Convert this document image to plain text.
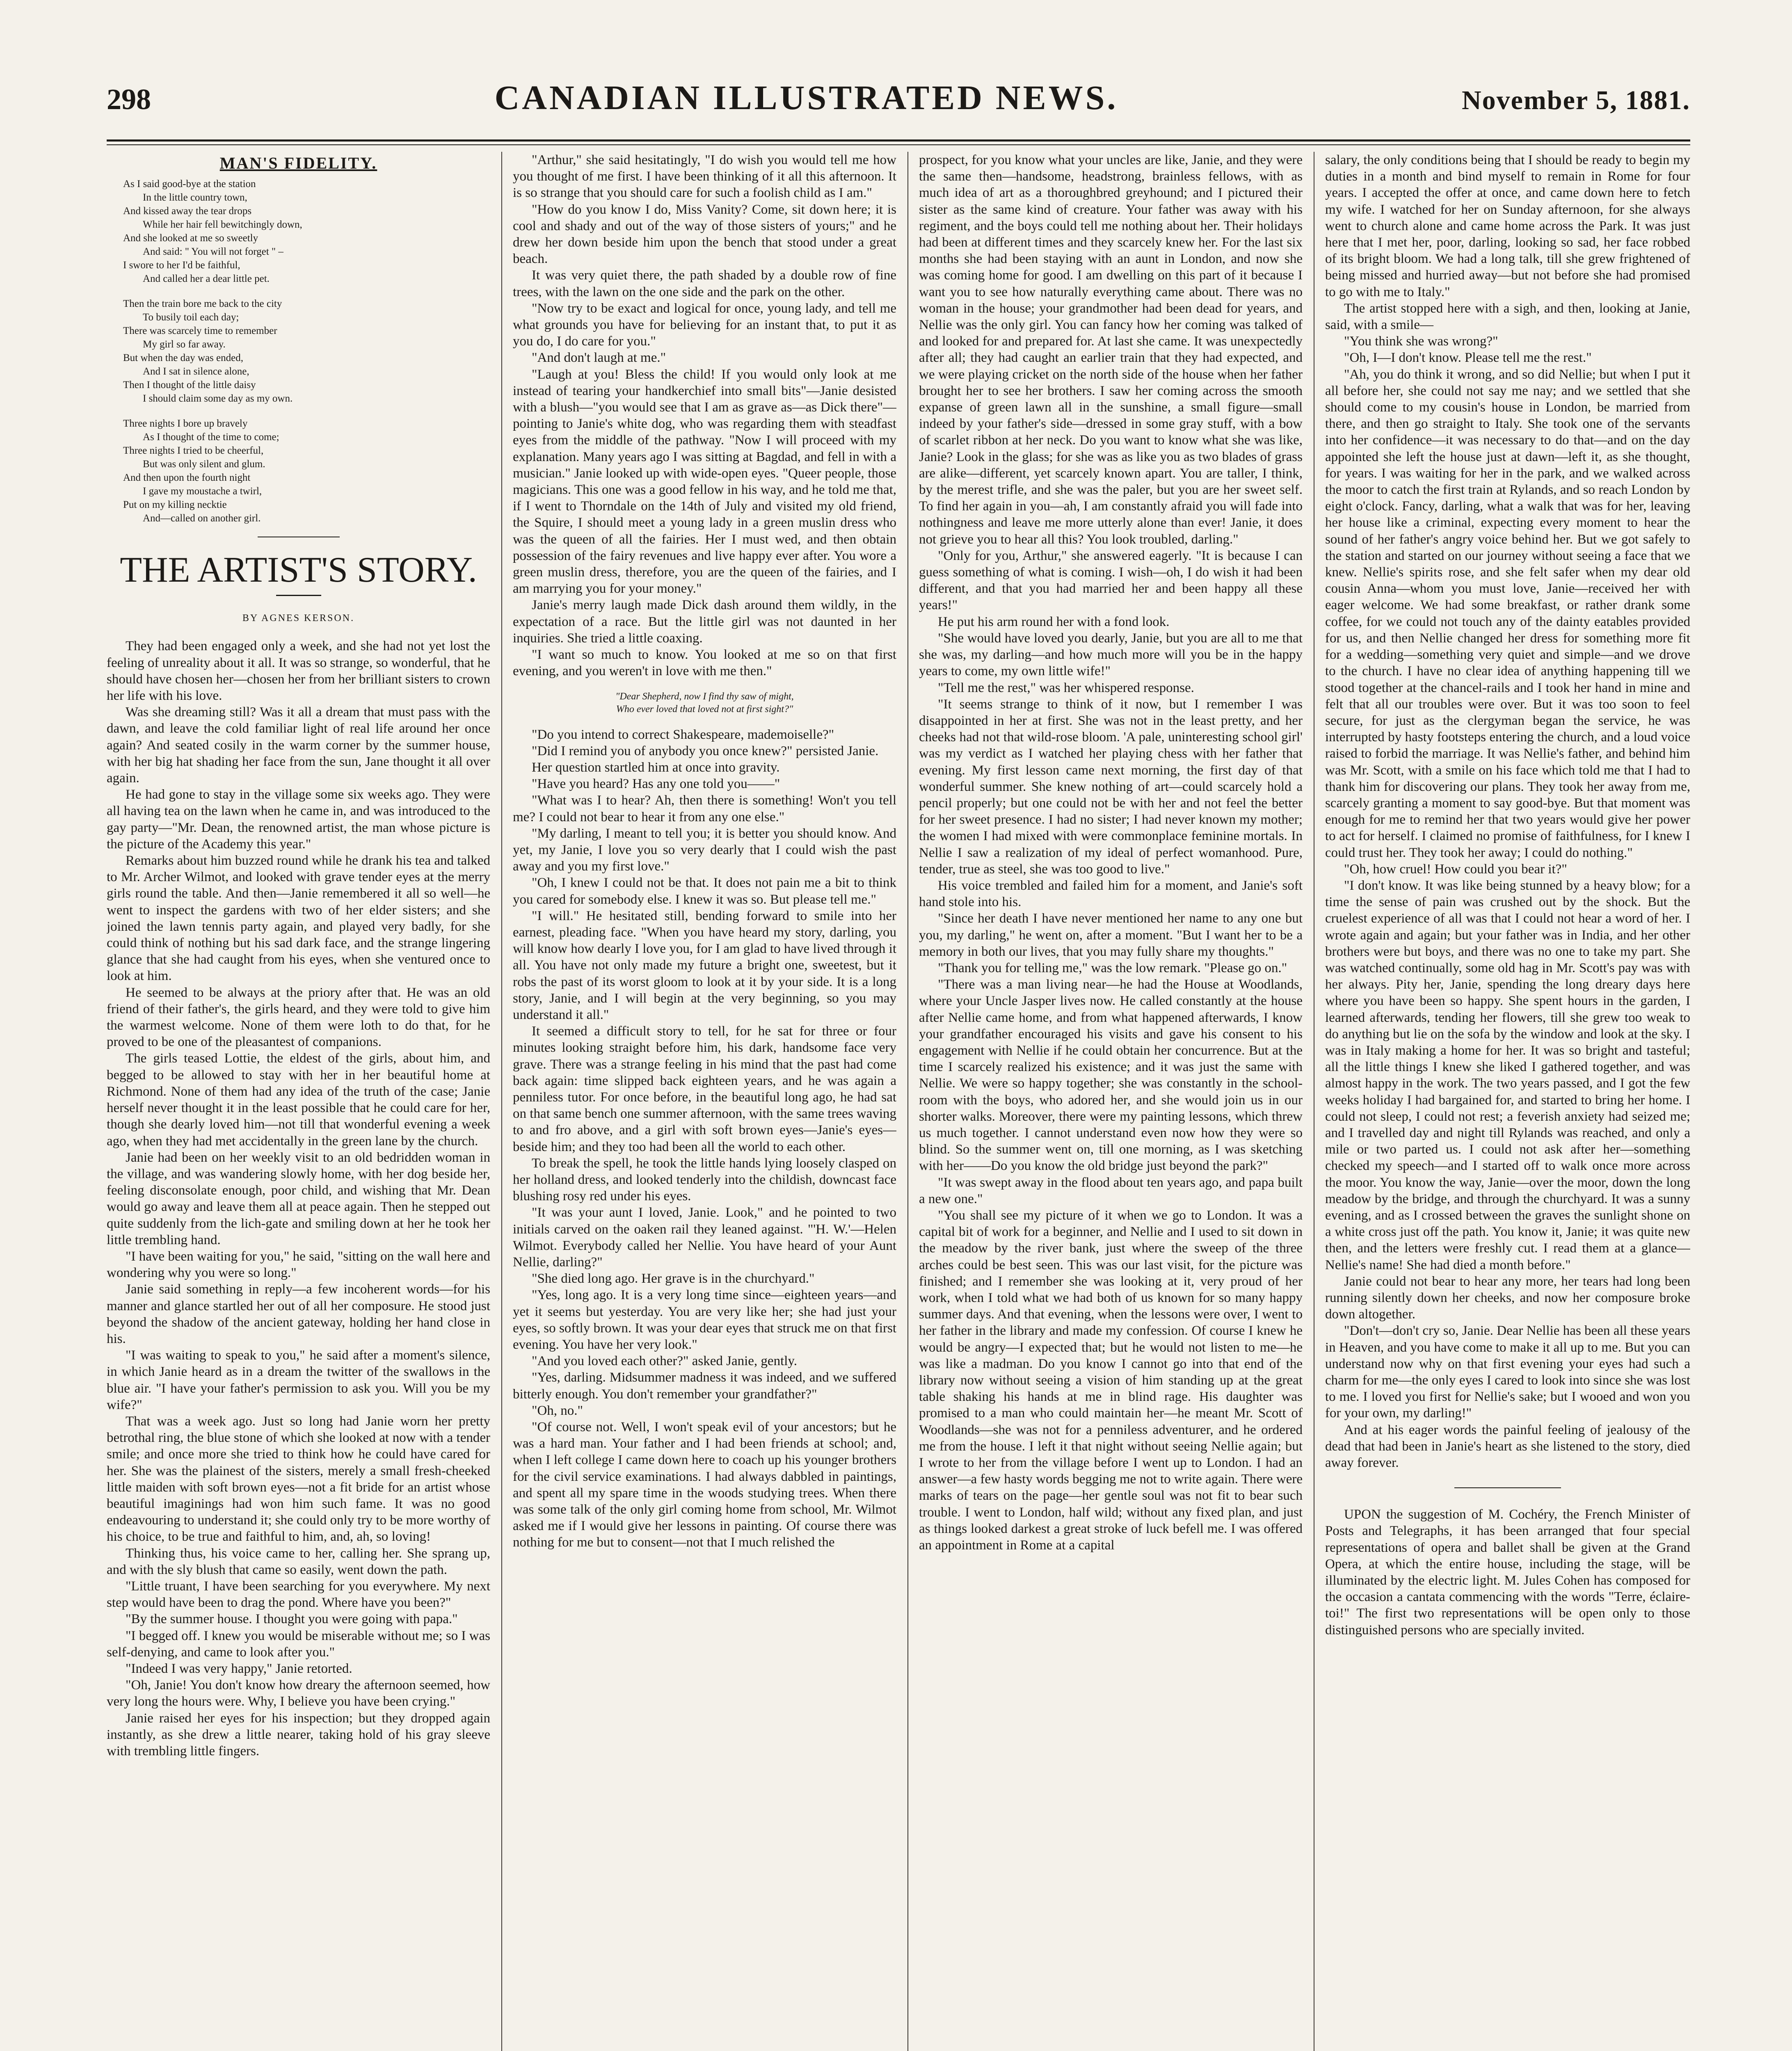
298	CANADIAN ILLUSTRATED NEWS.	November 5, 1881.
MAN'S FIDELITY.
As I said good-bye at the station
In the little country town,
And kissed away the tear drops
While her hair fell bewitchingly down,
And she looked at me so sweetly
And said: " You will not forget " –
I swore to her I'd be faithful,
And called her a dear little pet.
Then the train bore me back to the city
To busily toil each day;
There was scarcely time to remember
My girl so far away.
But when the day was ended,
And I sat in silence alone,
Then I thought of the little daisy
I should claim some day as my own.
Three nights I bore up bravely
As I thought of the time to come;
Three nights I tried to be cheerful,
But was only silent and glum.
And then upon the fourth night
I gave my moustache a twirl,
Put on my killing necktie
And—called on another girl.
THE ARTIST'S STORY.
BY AGNES KERSON.

They had been engaged only a week, and she had not yet lost the feeling of unreality about it all. It was so strange, so wonderful, that he should have chosen her—chosen her from her brilliant sisters to crown her life with his love.

Was she dreaming still? Was it all a dream that must pass with the dawn, and leave the cold familiar light of real life around her once again? And seated cosily in the warm corner by the summer house, with her big hat shading her face from the sun, Jane thought it all over again.

He had gone to stay in the village some six weeks ago. They were all having tea on the lawn when he came in, and was introduced to the gay party—"Mr. Dean, the renowned artist, the man whose picture is the picture of the Academy this year."

Remarks about him buzzed round while he drank his tea and talked to Mr. Archer Wilmot, and looked with grave tender eyes at the merry girls round the table. And then—Janie remembered it all so well—he went to inspect the gardens with two of her elder sisters; and she joined the lawn tennis party again, and played very badly, for she could think of nothing but his sad dark face, and the strange lingering glance that she had caught from his eyes, when she ventured once to look at him.

He seemed to be always at the priory after that. He was an old friend of their father's, the girls heard, and they were told to give him the warmest welcome. None of them were loth to do that, for he proved to be one of the pleasantest of companions.

The girls teased Lottie, the eldest of the girls, about him, and begged to be allowed to stay with her in her beautiful home at Richmond. None of them had any idea of the truth of the case; Janie herself never thought it in the least possible that he could care for her, though she dearly loved him—not till that wonderful evening a week ago, when they had met accidentally in the green lane by the church.

Janie had been on her weekly visit to an old bedridden woman in the village, and was wandering slowly home, with her dog beside her, feeling disconsolate enough, poor child, and wishing that Mr. Dean would go away and leave them all at peace again. Then he stepped out quite suddenly from the lich-gate and smiling down at her he took her little trembling hand.

"I have been waiting for you," he said, "sitting on the wall here and wondering why you were so long."

Janie said something in reply—a few incoherent words—for his manner and glance startled her out of all her composure. He stood just beyond the shadow of the ancient gateway, holding her hand close in his.

"I was waiting to speak to you," he said after a moment's silence, in which Janie heard as in a dream the twitter of the swallows in the blue air. "I have your father's permission to ask you. Will you be my wife?"

That was a week ago. Just so long had Janie worn her pretty betrothal ring, the blue stone of which she looked at now with a tender smile; and once more she tried to think how he could have cared for her. She was the plainest of the sisters, merely a small fresh-cheeked little maiden with soft brown eyes—not a fit bride for an artist whose beautiful imaginings had won him such fame. It was no good endeavouring to understand it; she could only try to be more worthy of his choice, to be true and faithful to him, and, ah, so loving!

Thinking thus, his voice came to her, calling her. She sprang up, and with the sly blush that came so easily, went down the path.

"Little truant, I have been searching for you everywhere. My next step would have been to drag the pond. Where have you been?"

"By the summer house. I thought you were going with papa."

"I begged off. I knew you would be miserable without me; so I was self-denying, and came to look after you."

"Indeed I was very happy," Janie retorted.

"Oh, Janie! You don't know how dreary the afternoon seemed, how very long the hours were. Why, I believe you have been crying."

Janie raised her eyes for his inspection; but they dropped again instantly, as she drew a little nearer, taking hold of his gray sleeve with trembling little fingers.

"Arthur," she said hesitatingly, "I do wish you would tell me how you thought of me first. I have been thinking of it all this afternoon. It is so strange that you should care for such a foolish child as I am."

"How do you know I do, Miss Vanity? Come, sit down here; it is cool and shady and out of the way of those sisters of yours;" and he drew her down beside him upon the bench that stood under a great beach.

It was very quiet there, the path shaded by a double row of fine trees, with the lawn on the one side and the park on the other.

"Now try to be exact and logical for once, young lady, and tell me what grounds you have for believing for an instant that, to put it as you do, I do care for you."

"And don't laugh at me."

"Laugh at you! Bless the child! If you would only look at me instead of tearing your handkerchief into small bits"—Janie desisted with a blush—"you would see that I am as grave as—as Dick there"—pointing to Janie's white dog, who was regarding them with steadfast eyes from the middle of the pathway. "Now I will proceed with my explanation. Many years ago I was sitting at Bagdad, and fell in with a musician." Janie looked up with wide-open eyes. "Queer people, those magicians. This one was a good fellow in his way, and he told me that, if I went to Thorndale on the 14th of July and visited my old friend, the Squire, I should meet a young lady in a green muslin dress who was the queen of all the fairies. Her I must wed, and then obtain possession of the fairy revenues and live happy ever after. You wore a green muslin dress, therefore, you are the queen of the fairies, and I am marrying you for your money."

Janie's merry laugh made Dick dash around them wildly, in the expectation of a race. But the little girl was not daunted in her inquiries. She tried a little coaxing.

"I want so much to know. You looked at me so on that first evening, and you weren't in love with me then."

"Dear Shepherd, now I find thy saw of might,
Who ever loved that loved not at first sight?"

"Do you intend to correct Shakespeare, mademoiselle?"

"Did I remind you of anybody you once knew?" persisted Janie.

Her question startled him at once into gravity.

"Have you heard? Has any one told you——"

"What was I to hear? Ah, then there is something! Won't you tell me? I could not bear to hear it from any one else."

"My darling, I meant to tell you; it is better you should know. And yet, my Janie, I love you so very dearly that I could wish the past away and you my first love."

"Oh, I knew I could not be that. It does not pain me a bit to think you cared for somebody else. I knew it was so. But please tell me."

"I will." He hesitated still, bending forward to smile into her earnest, pleading face. "When you have heard my story, darling, you will know how dearly I love you, for I am glad to have lived through it all. You have not only made my future a bright one, sweetest, but it robs the past of its worst gloom to look at it by your side. It is a long story, Janie, and I will begin at the very beginning, so you may understand it all."

It seemed a difficult story to tell, for he sat for three or four minutes looking straight before him, his dark, handsome face very grave. There was a strange feeling in his mind that the past had come back again: time slipped back eighteen years, and he was again a penniless tutor. For once before, in the beautiful long ago, he had sat on that same bench one summer afternoon, with the same trees waving to and fro above, and a girl with soft brown eyes—Janie's eyes—beside him; and they too had been all the world to each other.

To break the spell, he took the little hands lying loosely clasped on her holland dress, and looked tenderly into the childish, downcast face blushing rosy red under his eyes.

"It was your aunt I loved, Janie. Look," and he pointed to two initials carved on the oaken rail they leaned against. "'H. W.'—Helen Wilmot. Everybody called her Nellie. You have heard of your Aunt Nellie, darling?"

"She died long ago. Her grave is in the churchyard."

"Yes, long ago. It is a very long time since—eighteen years—and yet it seems but yesterday. You are very like her; she had just your eyes, so softly brown. It was your dear eyes that struck me on that first evening. You have her very look."

"And you loved each other?" asked Janie, gently.

"Yes, darling. Midsummer madness it was indeed, and we suffered bitterly enough. You don't remember your grandfather?"

"Oh, no."

"Of course not. Well, I won't speak evil of your ancestors; but he was a hard man. Your father and I had been friends at school; and, when I left college I came down here to coach up his younger brothers for the civil service examinations. I had always dabbled in paintings, and spent all my spare time in the woods studying trees. When there was some talk of the only girl coming home from school, Mr. Wilmot asked me if I would give her lessons in painting. Of course there was nothing for me but to consent—not that I much relished the

prospect, for you know what your uncles are like, Janie, and they were the same then—handsome, headstrong, brainless fellows, with as much idea of art as a thoroughbred greyhound; and I pictured their sister as the same kind of creature. Your father was away with his regiment, and the boys could tell me nothing about her. Their holidays had been at different times and they scarcely knew her. For the last six months she had been staying with an aunt in London, and now she was coming home for good. I am dwelling on this part of it because I want you to see how naturally everything came about. There was no woman in the house; your grandmother had been dead for years, and Nellie was the only girl. You can fancy how her coming was talked of and looked for and prepared for. At last she came. It was unexpectedly after all; they had caught an earlier train that they had expected, and we were playing cricket on the north side of the house when her father brought her to see her brothers. I saw her coming across the smooth expanse of green lawn all in the sunshine, a small figure—small indeed by your father's side—dressed in some gray stuff, with a bow of scarlet ribbon at her neck. Do you want to know what she was like, Janie? Look in the glass; for she was as like you as two blades of grass are alike—different, yet scarcely known apart. You are taller, I think, by the merest trifle, and she was the paler, but you are her sweet self. To find her again in you—ah, I am constantly afraid you will fade into nothingness and leave me more utterly alone than ever! Janie, it does not grieve you to hear all this? You look troubled, darling."

"Only for you, Arthur," she answered eagerly. "It is because I can guess something of what is coming. I wish—oh, I do wish it had been different, and that you had married her and been happy all these years!"

He put his arm round her with a fond look.

"She would have loved you dearly, Janie, but you are all to me that she was, my darling—and how much more will you be in the happy years to come, my own little wife!"

"Tell me the rest," was her whispered response.

"It seems strange to think of it now, but I remember I was disappointed in her at first. She was not in the least pretty, and her cheeks had not that wild-rose bloom. 'A pale, uninteresting school girl' was my verdict as I watched her playing chess with her father that evening. My first lesson came next morning, the first day of that wonderful summer. She knew nothing of art—could scarcely hold a pencil properly; but one could not be with her and not feel the better for her sweet presence. I had no sister; I had never known my mother; the women I had mixed with were commonplace feminine mortals. In Nellie I saw a realization of my ideal of perfect womanhood. Pure, tender, true as steel, she was too good to live."

His voice trembled and failed him for a moment, and Janie's soft hand stole into his.

"Since her death I have never mentioned her name to any one but you, my darling," he went on, after a moment. "But I want her to be a memory in both our lives, that you may fully share my thoughts."

"Thank you for telling me," was the low remark. "Please go on."

"There was a man living near—he had the House at Woodlands, where your Uncle Jasper lives now. He called constantly at the house after Nellie came home, and from what happened afterwards, I know your grandfather encouraged his visits and gave his consent to his engagement with Nellie if he could obtain her concurrence. But at the time I scarcely realized his existence; and it was just the same with Nellie. We were so happy together; she was constantly in the school-room with the boys, who adored her, and she would join us in our shorter walks. Moreover, there were my painting lessons, which threw us much together. I cannot understand even now how they were so blind. So the summer went on, till one morning, as I was sketching with her——Do you know the old bridge just beyond the park?"

"It was swept away in the flood about ten years ago, and papa built a new one."

"You shall see my picture of it when we go to London. It was a capital bit of work for a beginner, and Nellie and I used to sit down in the meadow by the river bank, just where the sweep of the three arches could be best seen. This was our last visit, for the picture was finished; and I remember she was looking at it, very proud of her work, when I told what we had both of us known for so many happy summer days. And that evening, when the lessons were over, I went to her father in the library and made my confession. Of course I knew he would be angry—I expected that; but he would not listen to me—he was like a madman. Do you know I cannot go into that end of the library now without seeing a vision of him standing up at the great table shaking his hands at me in blind rage. His daughter was promised to a man who could maintain her—he meant Mr. Scott of Woodlands—she was not for a penniless adventurer, and he ordered me from the house. I left it that night without seeing Nellie again; but I wrote to her from the village before I went up to London. I had an answer—a few hasty words begging me not to write again. There were marks of tears on the page—her gentle soul was not fit to bear such trouble. I went to London, half wild; without any fixed plan, and just as things looked darkest a great stroke of luck befell me. I was offered an appointment in Rome at a capital

salary, the only conditions being that I should be ready to begin my duties in a month and bind myself to remain in Rome for four years. I accepted the offer at once, and came down here to fetch my wife. I watched for her on Sunday afternoon, for she always went to church alone and came home across the Park. It was just here that I met her, poor, darling, looking so sad, her face robbed of its bright bloom. We had a long talk, till she grew frightened of being missed and hurried away—but not before she had promised to go with me to Italy."

The artist stopped here with a sigh, and then, looking at Janie, said, with a smile—

"You think she was wrong?"

"Oh, I—I don't know. Please tell me the rest."

"Ah, you do think it wrong, and so did Nellie; but when I put it all before her, she could not say me nay; and we settled that she should come to my cousin's house in London, be married from there, and then go straight to Italy. She took one of the servants into her confidence—it was necessary to do that—and on the day appointed she left the house just at dawn—left it, as she thought, for years. I was waiting for her in the park, and we walked across the moor to catch the first train at Rylands, and so reach London by eight o'clock. Fancy, darling, what a walk that was for her, leaving her house like a criminal, expecting every moment to hear the sound of her father's angry voice behind her. But we got safely to the station and started on our journey without seeing a face that we knew. Nellie's spirits rose, and she felt safer when my dear old cousin Anna—whom you must love, Janie—received her with eager welcome. We had some breakfast, or rather drank some coffee, for we could not touch any of the dainty eatables provided for us, and then Nellie changed her dress for something more fit for a wedding—something very quiet and simple—and we drove to the church. I have no clear idea of anything happening till we stood together at the chancel-rails and I took her hand in mine and felt that all our troubles were over. But it was too soon to feel secure, for just as the clergyman began the service, he was interrupted by hasty footsteps entering the church, and a loud voice raised to forbid the marriage. It was Nellie's father, and behind him was Mr. Scott, with a smile on his face which told me that I had to thank him for discovering our plans. They took her away from me, scarcely granting a moment to say good-bye. But that moment was enough for me to remind her that two years would give her power to act for herself. I claimed no promise of faithfulness, for I knew I could trust her. They took her away; I could do nothing."

"Oh, how cruel! How could you bear it?"

"I don't know. It was like being stunned by a heavy blow; for a time the sense of pain was crushed out by the shock. But the cruelest experience of all was that I could not hear a word of her. I wrote again and again; but your father was in India, and her other brothers were but boys, and there was no one to take my part. She was watched continually, some old hag in Mr. Scott's pay was with her always. Pity her, Janie, spending the long dreary days here where you have been so happy. She spent hours in the garden, I learned afterwards, tending her flowers, till she grew too weak to do anything but lie on the sofa by the window and look at the sky. I was in Italy making a home for her. It was so bright and tasteful; all the little things I knew she liked I gathered together, and was almost happy in the work. The two years passed, and I got the few weeks holiday I had bargained for, and started to bring her home. I could not sleep, I could not rest; a feverish anxiety had seized me; and I travelled day and night till Rylands was reached, and only a mile or two parted us. I could not ask after her—something checked my speech—and I started off to walk once more across the moor. You know the way, Janie—over the moor, down the long meadow by the bridge, and through the churchyard. It was a sunny evening, and as I crossed between the graves the sunlight shone on a white cross just off the path. You know it, Janie; it was quite new then, and the letters were freshly cut. I read them at a glance—Nellie's name! She had died a month before."

Janie could not bear to hear any more, her tears had long been running silently down her cheeks, and now her composure broke down altogether.

"Don't—don't cry so, Janie. Dear Nellie has been all these years in Heaven, and you have come to make it all up to me. But you can understand now why on that first evening your eyes had such a charm for me—the only eyes I cared to look into since she was lost to me. I loved you first for Nellie's sake; but I wooed and won you for your own, my darling!"

And at his eager words the painful feeling of jealousy of the dead that had been in Janie's heart as she listened to the story, died away forever.

UPON the suggestion of M. Cochéry, the French Minister of Posts and Telegraphs, it has been arranged that four special representations of opera and ballet shall be given at the Grand Opera, at which the entire house, including the stage, will be illuminated by the electric light. M. Jules Cohen has composed for the occasion a cantata commencing with the words "Terre, éclaire-toi!" The first two representations will be open only to those distinguished persons who are specially invited.
